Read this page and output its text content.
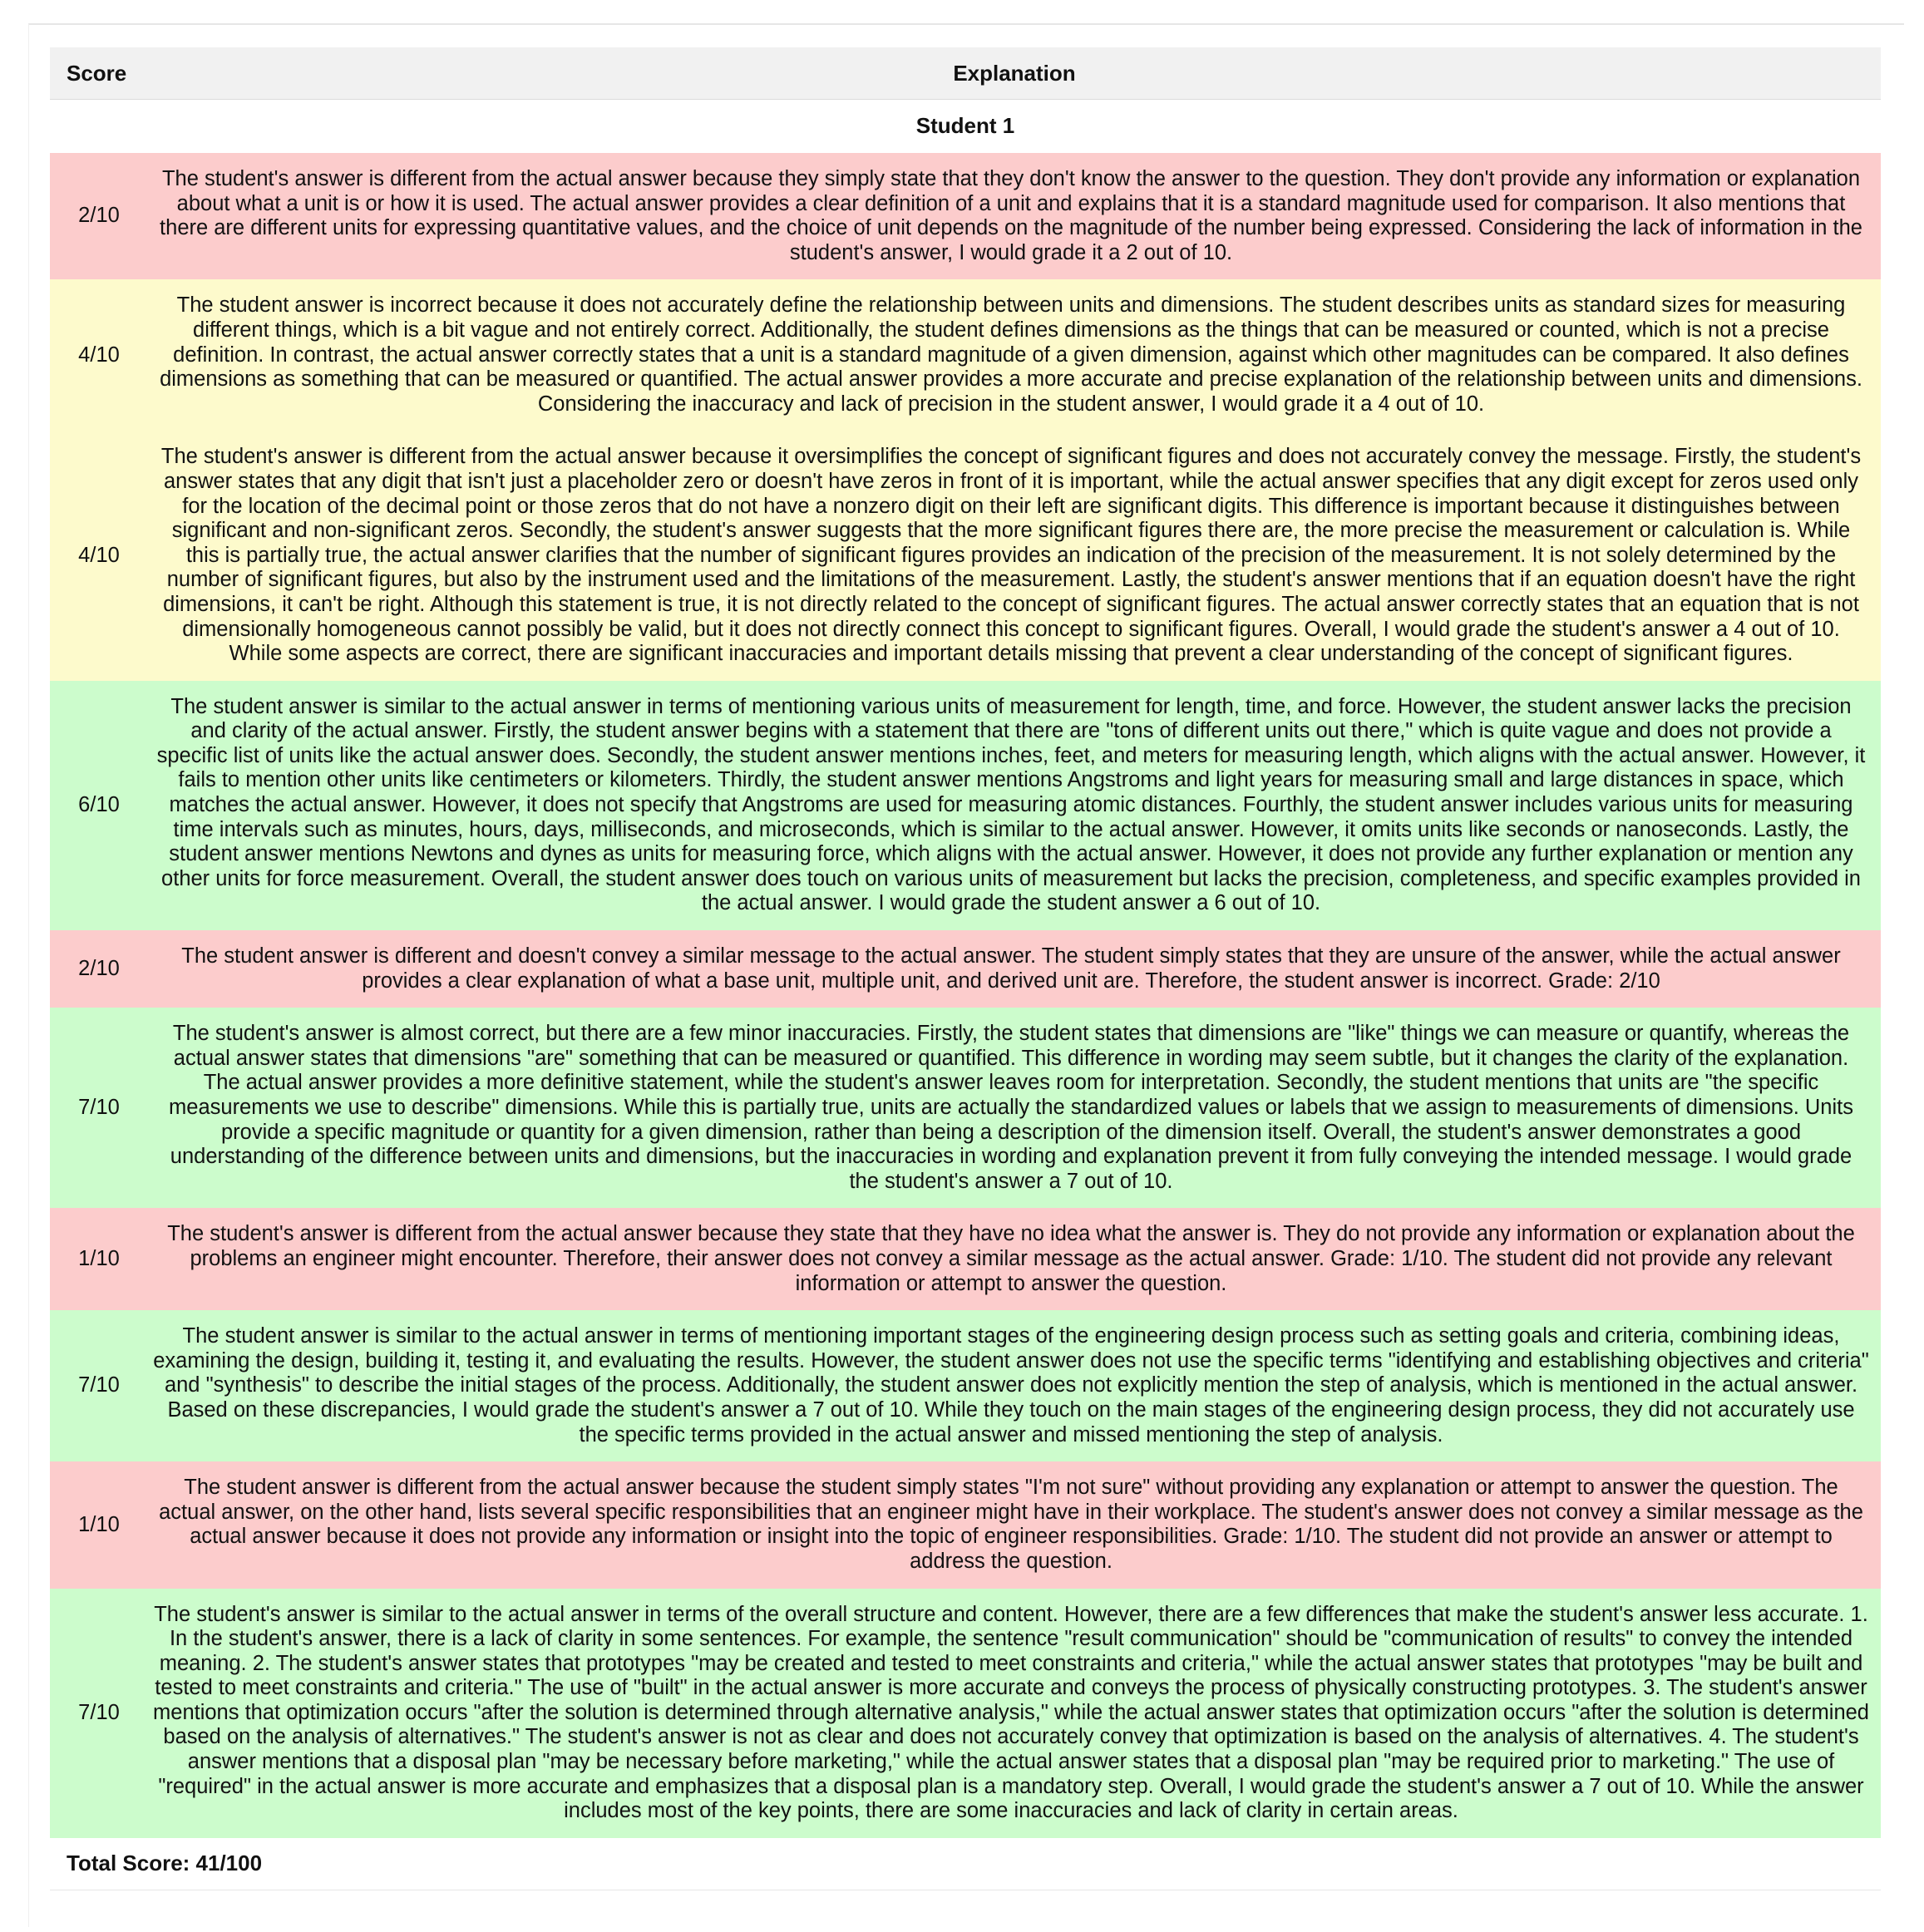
Score	Explanation
Student 1	
2/10	The student's answer is different from the actual answer because they simply state that they don't know the answer to the question. They don't provide any information or explanation about what a unit is or how it is used. The actual answer provides a clear definition of a unit and explains that it is a standard magnitude used for comparison. It also mentions that there are different units for expressing quantitative values, and the choice of unit depends on the magnitude of the number being expressed. Considering the lack of information in the student's answer, I would grade it a 2 out of 10.
4/10	The student answer is incorrect because it does not accurately define the relationship between units and dimensions. The student describes units as standard sizes for measuring different things, which is a bit vague and not entirely correct. Additionally, the student defines dimensions as the things that can be measured or counted, which is not a precise definition. In contrast, the actual answer correctly states that a unit is a standard magnitude of a given dimension, against which other magnitudes can be compared. It also defines dimensions as something that can be measured or quantified. The actual answer provides a more accurate and precise explanation of the relationship between units and dimensions. Considering the inaccuracy and lack of precision in the student answer, I would grade it a 4 out of 10.
4/10	The student's answer is different from the actual answer because it oversimplifies the concept of significant figures and does not accurately convey the message. Firstly, the student's answer states that any digit that isn't just a placeholder zero or doesn't have zeros in front of it is important, while the actual answer specifies that any digit except for zeros used only for the location of the decimal point or those zeros that do not have a nonzero digit on their left are significant digits. This difference is important because it distinguishes between significant and non-significant zeros. Secondly, the student's answer suggests that the more significant figures there are, the more precise the measurement or calculation is. While this is partially true, the actual answer clarifies that the number of significant figures provides an indication of the precision of the measurement. It is not solely determined by the number of significant figures, but also by the instrument used and the limitations of the measurement. Lastly, the student's answer mentions that if an equation doesn't have the right dimensions, it can't be right. Although this statement is true, it is not directly related to the concept of significant figures. The actual answer correctly states that an equation that is not dimensionally homogeneous cannot possibly be valid, but it does not directly connect this concept to significant figures. Overall, I would grade the student's answer a 4 out of 10. While some aspects are correct, there are significant inaccuracies and important details missing that prevent a clear understanding of the concept of significant figures.
6/10	The student answer is similar to the actual answer in terms of mentioning various units of measurement for length, time, and force. However, the student answer lacks the precision and clarity of the actual answer. Firstly, the student answer begins with a statement that there are "tons of different units out there," which is quite vague and does not provide a specific list of units like the actual answer does. Secondly, the student answer mentions inches, feet, and meters for measuring length, which aligns with the actual answer. However, it fails to mention other units like centimeters or kilometers. Thirdly, the student answer mentions Angstroms and light years for measuring small and large distances in space, which matches the actual answer. However, it does not specify that Angstroms are used for measuring atomic distances. Fourthly, the student answer includes various units for measuring time intervals such as minutes, hours, days, milliseconds, and microseconds, which is similar to the actual answer. However, it omits units like seconds or nanoseconds. Lastly, the student answer mentions Newtons and dynes as units for measuring force, which aligns with the actual answer. However, it does not provide any further explanation or mention any other units for force measurement. Overall, the student answer does touch on various units of measurement but lacks the precision, completeness, and specific examples provided in the actual answer. I would grade the student answer a 6 out of 10.
2/10	The student answer is different and doesn't convey a similar message to the actual answer. The student simply states that they are unsure of the answer, while the actual answer provides a clear explanation of what a base unit, multiple unit, and derived unit are. Therefore, the student answer is incorrect. Grade: 2/10
7/10	The student's answer is almost correct, but there are a few minor inaccuracies. Firstly, the student states that dimensions are "like" things we can measure or quantify, whereas the actual answer states that dimensions "are" something that can be measured or quantified. This difference in wording may seem subtle, but it changes the clarity of the explanation. The actual answer provides a more definitive statement, while the student's answer leaves room for interpretation. Secondly, the student mentions that units are "the specific measurements we use to describe" dimensions. While this is partially true, units are actually the standardized values or labels that we assign to measurements of dimensions. Units provide a specific magnitude or quantity for a given dimension, rather than being a description of the dimension itself. Overall, the student's answer demonstrates a good understanding of the difference between units and dimensions, but the inaccuracies in wording and explanation prevent it from fully conveying the intended message. I would grade the student's answer a 7 out of 10.
1/10	The student's answer is different from the actual answer because they state that they have no idea what the answer is. They do not provide any information or explanation about the problems an engineer might encounter. Therefore, their answer does not convey a similar message as the actual answer. Grade: 1/10. The student did not provide any relevant information or attempt to answer the question.
7/10	The student answer is similar to the actual answer in terms of mentioning important stages of the engineering design process such as setting goals and criteria, combining ideas, examining the design, building it, testing it, and evaluating the results. However, the student answer does not use the specific terms "identifying and establishing objectives and criteria" and "synthesis" to describe the initial stages of the process. Additionally, the student answer does not explicitly mention the step of analysis, which is mentioned in the actual answer. Based on these discrepancies, I would grade the student's answer a 7 out of 10. While they touch on the main stages of the engineering design process, they did not accurately use the specific terms provided in the actual answer and missed mentioning the step of analysis.
1/10	The student answer is different from the actual answer because the student simply states "I'm not sure" without providing any explanation or attempt to answer the question. The actual answer, on the other hand, lists several specific responsibilities that an engineer might have in their workplace. The student's answer does not convey a similar message as the actual answer because it does not provide any information or insight into the topic of engineer responsibilities. Grade: 1/10. The student did not provide an answer or attempt to address the question.
7/10	The student's answer is similar to the actual answer in terms of the overall structure and content. However, there are a few differences that make the student's answer less accurate. 1. In the student's answer, there is a lack of clarity in some sentences. For example, the sentence "result communication" should be "communication of results" to convey the intended meaning. 2. The student's answer states that prototypes "may be created and tested to meet constraints and criteria," while the actual answer states that prototypes "may be built and tested to meet constraints and criteria." The use of "built" in the actual answer is more accurate and conveys the process of physically constructing prototypes. 3. The student's answer mentions that optimization occurs "after the solution is determined through alternative analysis," while the actual answer states that optimization occurs "after the solution is determined based on the analysis of alternatives." The student's answer is not as clear and does not accurately convey that optimization is based on the analysis of alternatives. 4. The student's answer mentions that a disposal plan "may be necessary before marketing," while the actual answer states that a disposal plan "may be required prior to marketing." The use of "required" in the actual answer is more accurate and emphasizes that a disposal plan is a mandatory step. Overall, I would grade the student's answer a 7 out of 10. While the answer includes most of the key points, there are some inaccuracies and lack of clarity in certain areas.
Total Score: 41/100	
